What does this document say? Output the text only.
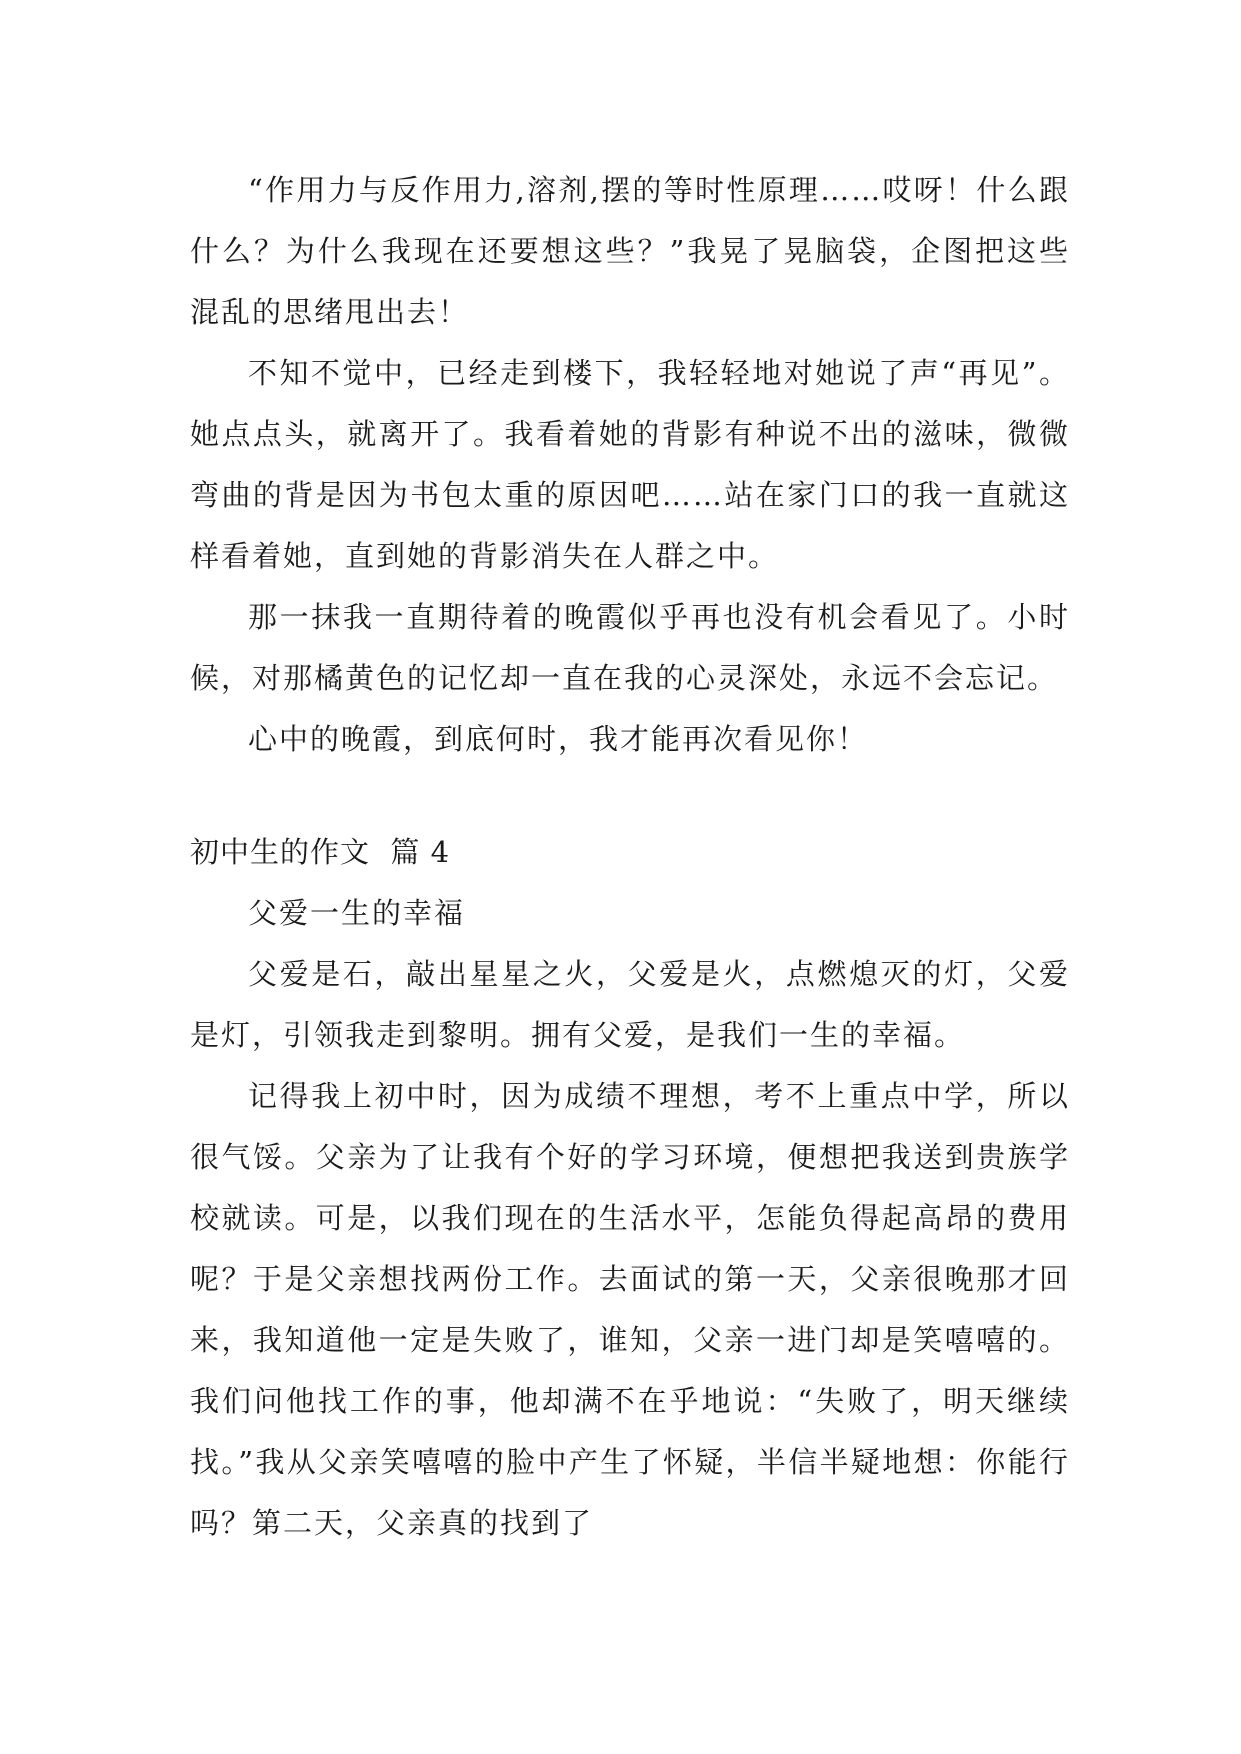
“作用力与反作用力,溶剂,摆的等时性原理……哎呀！什么跟什么？为什么我现在还要想这些？”我晃了晃脑袋，企图把这些混乱的思绪甩出去！

不知不觉中，已经走到楼下，我轻轻地对她说了声“再见”。她点点头，就离开了。我看着她的背影有种说不出的滋味，微微弯曲的背是因为书包太重的原因吧……站在家门口的我一直就这样看着她，直到她的背影消失在人群之中。

那一抹我一直期待着的晚霞似乎再也没有机会看见了。小时候，对那橘黄色的记忆却一直在我的心灵深处，永远不会忘记。

心中的晚霞，到底何时，我才能再次看见你！

初中生的作文  篇 4

父爱一生的幸福

父爱是石，敲出星星之火，父爱是火，点燃熄灭的灯，父爱是灯，引领我走到黎明。拥有父爱，是我们一生的幸福。

记得我上初中时，因为成绩不理想，考不上重点中学，所以很气馁。父亲为了让我有个好的学习环境，便想把我送到贵族学校就读。可是，以我们现在的生活水平，怎能负得起高昂的费用呢？于是父亲想找两份工作。去面试的第一天，父亲很晚那才回来，我知道他一定是失败了，谁知，父亲一进门却是笑嘻嘻的。我们问他找工作的事，他却满不在乎地说：“失败了，明天继续找。”我从父亲笑嘻嘻的脸中产生了怀疑，半信半疑地想：你能行吗？第二天，父亲真的找到了
